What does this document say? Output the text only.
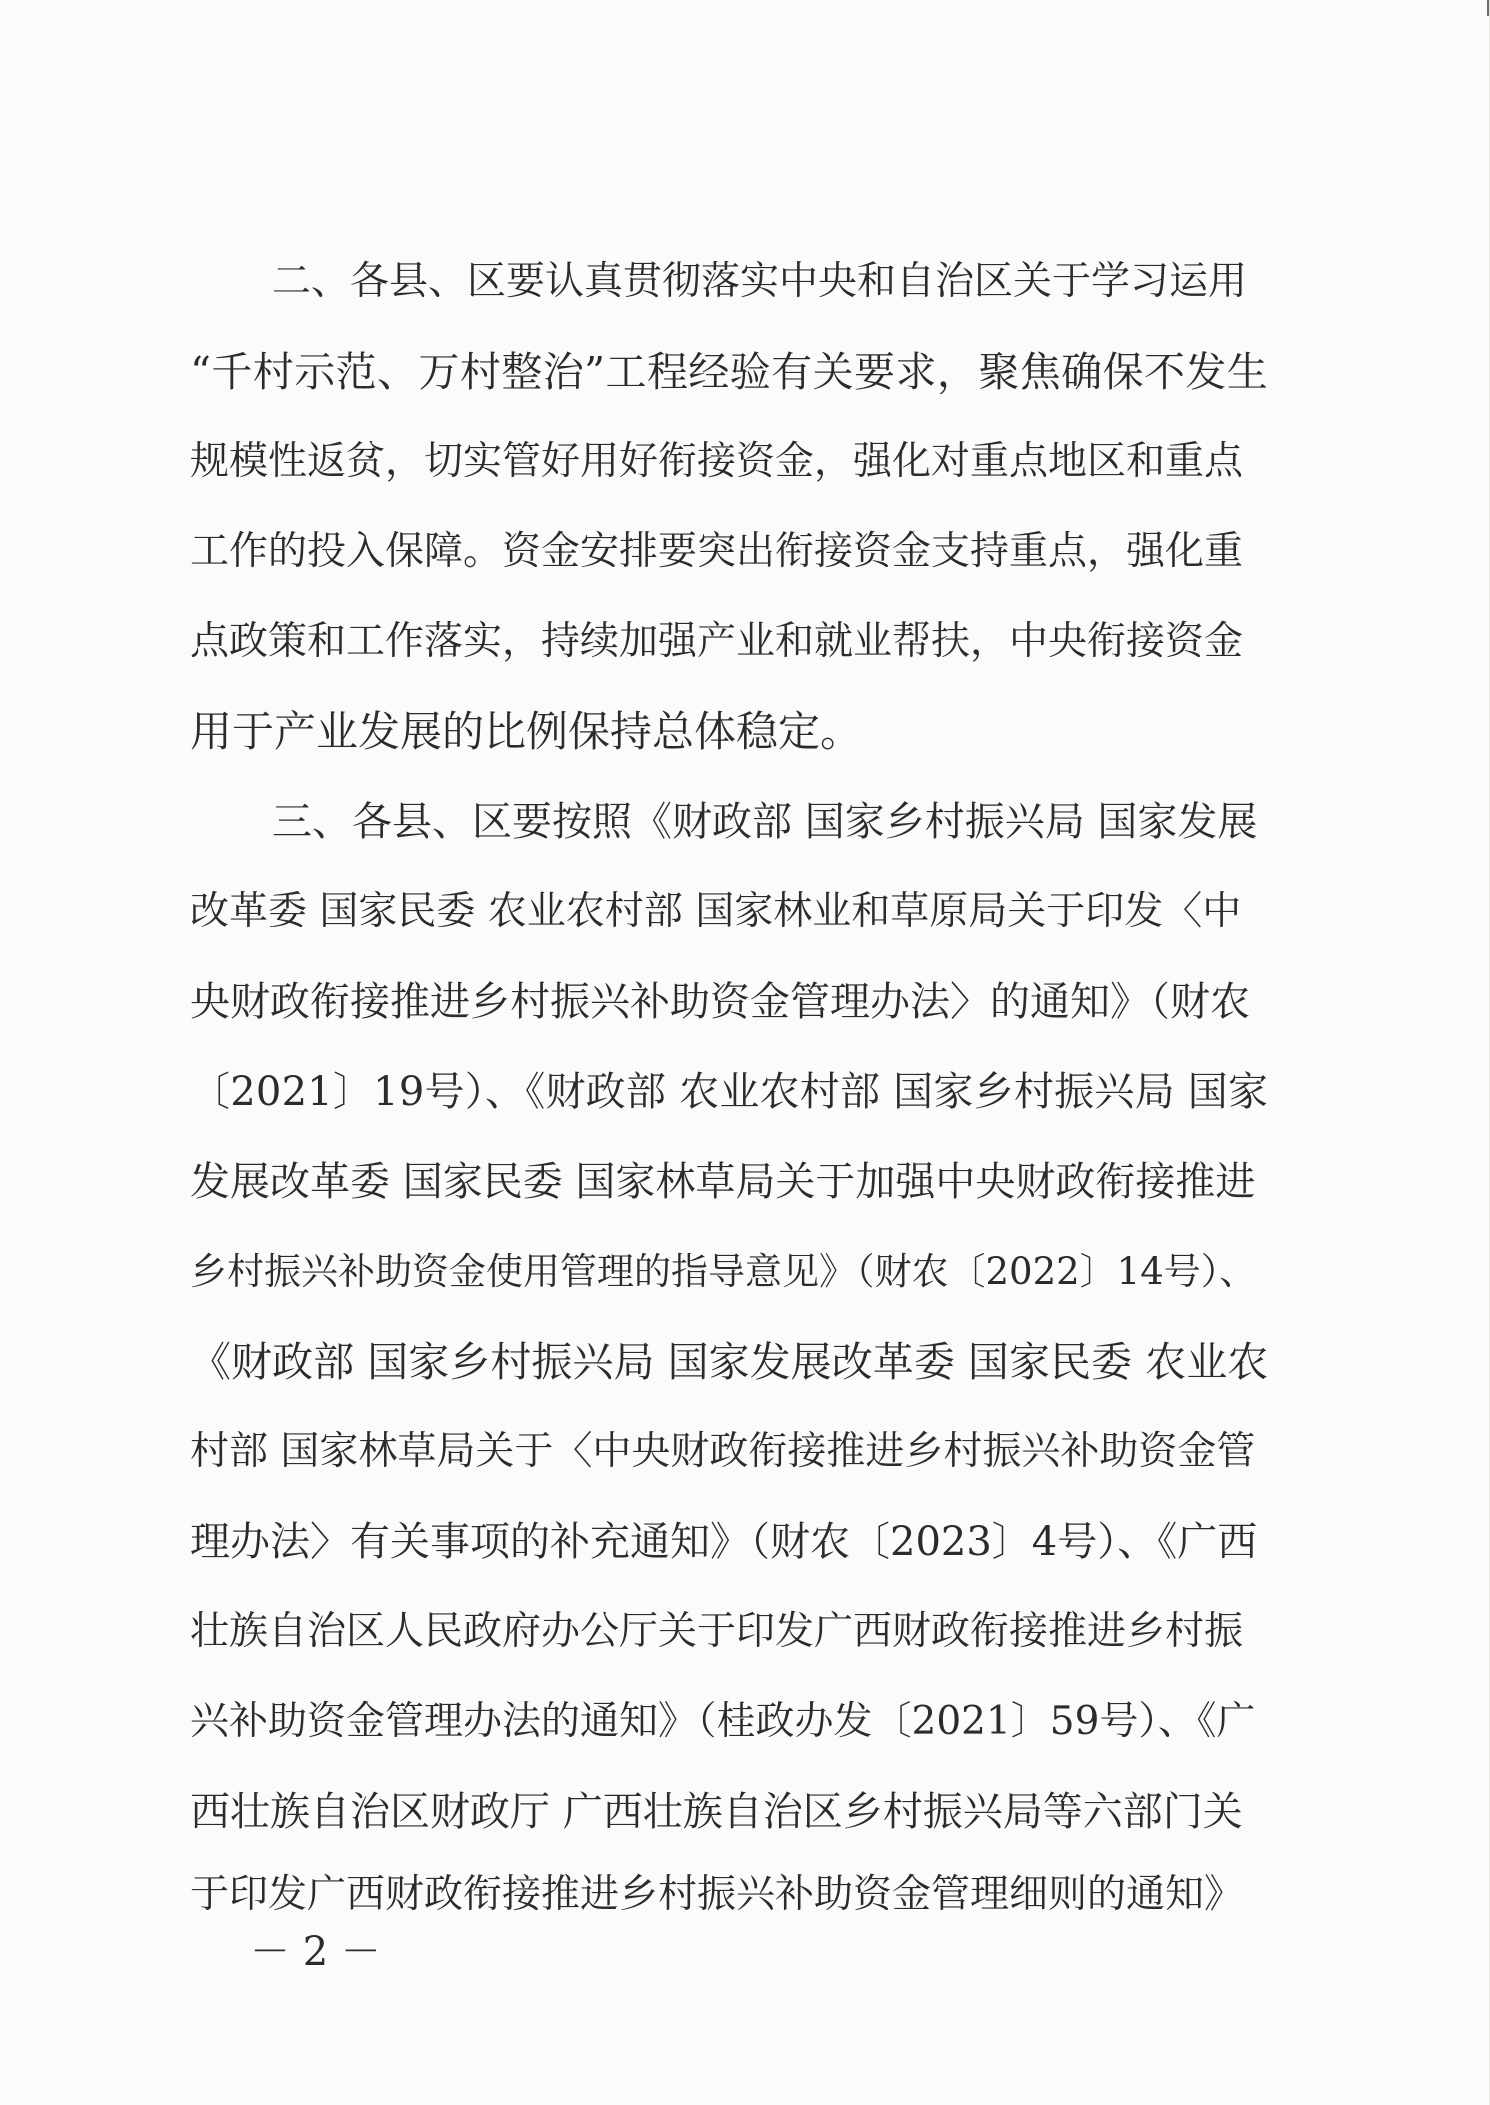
二、各县、区要认真贯彻落实中央和自治区关于学习运用
“千村示范、万村整治”工程经验有关要求，聚焦确保不发生
规模性返贫，切实管好用好衔接资金，强化对重点地区和重点
工作的投入保障。资金安排要突出衔接资金支持重点，强化重
点政策和工作落实，持续加强产业和就业帮扶，中央衔接资金
用于产业发展的比例保持总体稳定。
三、各县、区要按照《财政部 国家乡村振兴局 国家发展
改革委 国家民委 农业农村部 国家林业和草原局关于印发〈中
央财政衔接推进乡村振兴补助资金管理办法〉的通知》（财农
〔2021〕19号）、《财政部 农业农村部 国家乡村振兴局 国家
发展改革委 国家民委 国家林草局关于加强中央财政衔接推进
乡村振兴补助资金使用管理的指导意见》（财农〔2022〕14号）、
《财政部 国家乡村振兴局 国家发展改革委 国家民委 农业农
村部 国家林草局关于〈中央财政衔接推进乡村振兴补助资金管
理办法〉有关事项的补充通知》（财农〔2023〕4号）、《广西
壮族自治区人民政府办公厅关于印发广西财政衔接推进乡村振
兴补助资金管理办法的通知》（桂政办发〔2021〕59号）、《广
西壮族自治区财政厅 广西壮族自治区乡村振兴局等六部门关
于印发广西财政衔接推进乡村振兴补助资金管理细则的通知》
－ 2 －
